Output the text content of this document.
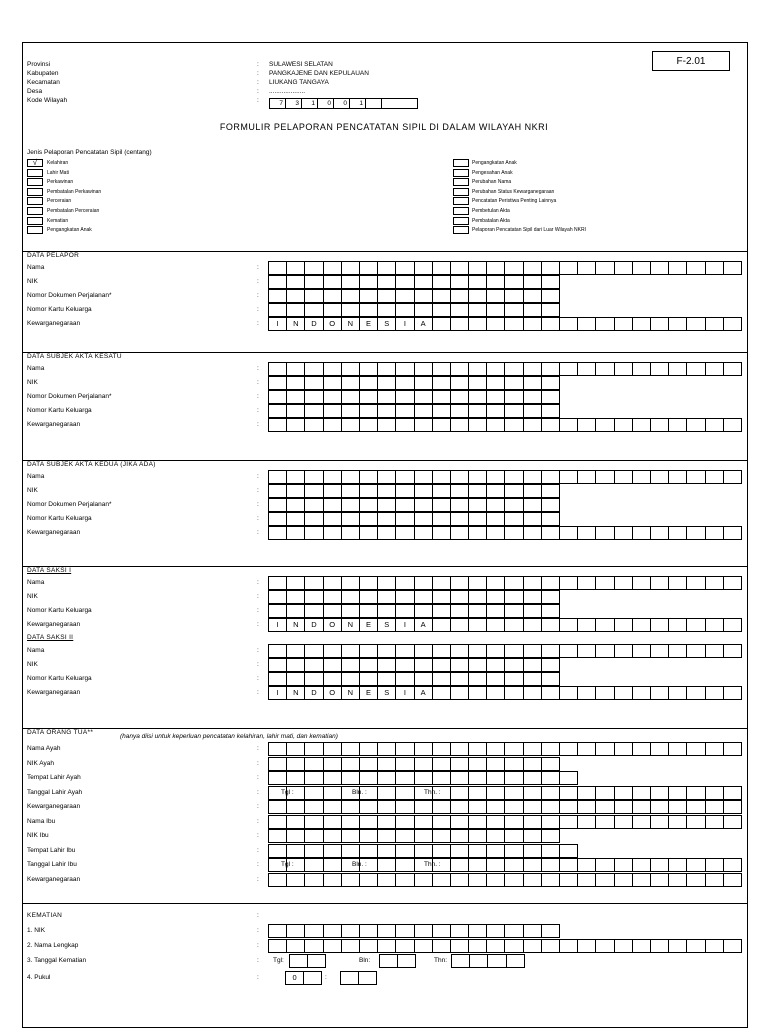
F-2.01
Provinsi	: SULAWESI SELATAN
Kabupaten	: PANGKAJENE DAN KEPULAUAN
Kecamatan	: LIUKANG TANGAYA
Desa	: ....................
Kode Wilayah	:	7	3	1	0	0	1
FORMULIR PELAPORAN PENCATATAN SIPIL DI DALAM WILAYAH NKRI
Jenis Pelaporan Pencatatan Sipil (centang)
√	Kelahiran
Lahir Mati
Perkawinan
Pembatalan Perkawinan
Perceraian
Pembatalan Perceraian
Kematian
Pengangkatan Anak
Pengangkatan Anak
Pengesahan Anak
Perubahan Nama
Perubahan Status Kewarganegaraan
Pencatatan Peristiwa Penting Lainnya
Pembetulan Akta
Pembatalan Akta
Pelaporan Pencatatan Sipil dari Luar Wilayah NKRI
DATA PELAPOR
Nama	:
NIK	:
Nomor Dokumen Perjalanan*	:
Nomor Kartu Keluarga	:
Kewarganegaraan	:	I	N	D	O	N	E	S	I	A
DATA SUBJEK AKTA KESATU
Nama	:
NIK	:
Nomor Dokumen Perjalanan*	:
Nomor Kartu Keluarga	:
Kewarganegaraan	:
DATA SUBJEK AKTA KEDUA (JIKA ADA)
Nama	:
NIK	:
Nomor Dokumen Perjalanan*	:
Nomor Kartu Keluarga	:
Kewarganegaraan	:
DATA SAKSI I
Nama	:
NIK	:
Nomor Kartu Keluarga	:
Kewarganegaraan	:	I	N	D	O	N	E	S	I	A
DATA SAKSI II
Nama	:
NIK	:
Nomor Kartu Keluarga	:
Kewarganegaraan	:	I	N	D	O	N	E	S	I	A
DATA ORANG TUA**
(hanya diisi untuk keperluan pencatatan kelahiran, lahir mati, dan kematian)
Nama Ayah	:
NIK Ayah	:
Tempat Lahir Ayah	:
Tanggal Lahir Ayah	:	Tgl :	Bln. :	Thn. :
Kewarganegaraan	:
Nama Ibu	:
NIK Ibu	:
Tempat Lahir Ibu	:
Tanggal Lahir Ibu	:	Tgl :	Bln. :	Thn. :
Kewarganegaraan	:
KEMATIAN	:
1. NIK	:
2. Nama Lengkap	:
3. Tanggal Kematian	: Tgl:	Bln:	Thn:
4. Pukul	:	0	:
